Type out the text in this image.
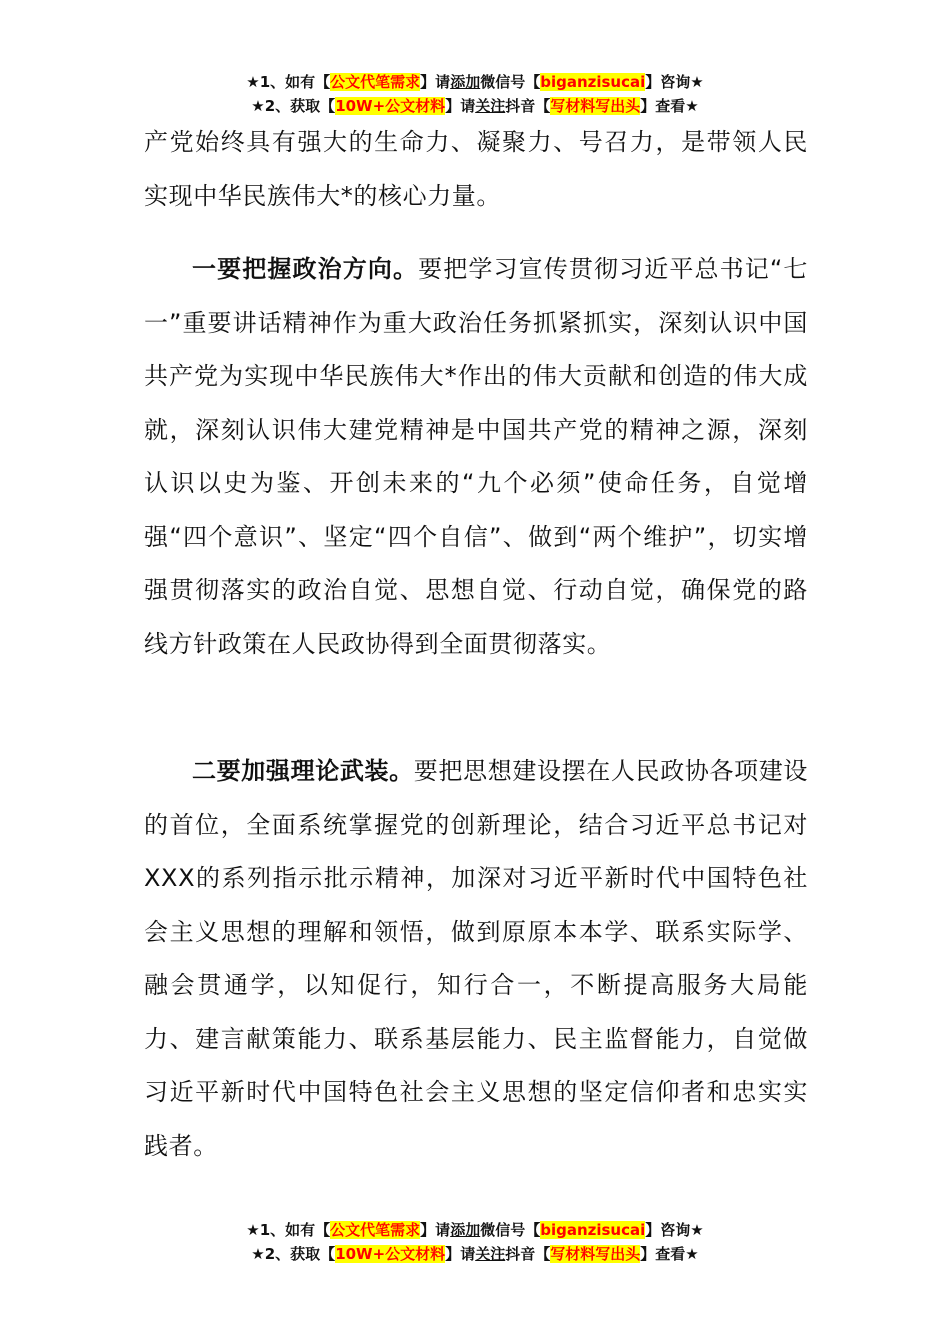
★1、如有【公文代笔需求】请添加微信号【biganzisucai】咨询★
★2、获取【10W+公文材料】请关注抖音【写材料写出头】查看★

产党始终具有强大的生命力、凝聚力、号召力，是带领人民实现中华民族伟大*的核心力量。

一要把握政治方向。要把学习宣传贯彻习近平总书记“七一”重要讲话精神作为重大政治任务抓紧抓实，深刻认识中国共产党为实现中华民族伟大*作出的伟大贡献和创造的伟大成就，深刻认识伟大建党精神是中国共产党的精神之源，深刻认识以史为鉴、开创未来的“九个必须”使命任务，自觉增强“四个意识”、坚定“四个自信”、做到“两个维护”，切实增强贯彻落实的政治自觉、思想自觉、行动自觉，确保党的路线方针政策在人民政协得到全面贯彻落实。

二要加强理论武装。要把思想建设摆在人民政协各项建设的首位，全面系统掌握党的创新理论，结合习近平总书记对XXX的系列指示批示精神，加深对习近平新时代中国特色社会主义思想的理解和领悟，做到原原本本学、联系实际学、融会贯通学，以知促行，知行合一，不断提高服务大局能力、建言献策能力、联系基层能力、民主监督能力，自觉做习近平新时代中国特色社会主义思想的坚定信仰者和忠实实践者。

★1、如有【公文代笔需求】请添加微信号【biganzisucai】咨询★
★2、获取【10W+公文材料】请关注抖音【写材料写出头】查看★
